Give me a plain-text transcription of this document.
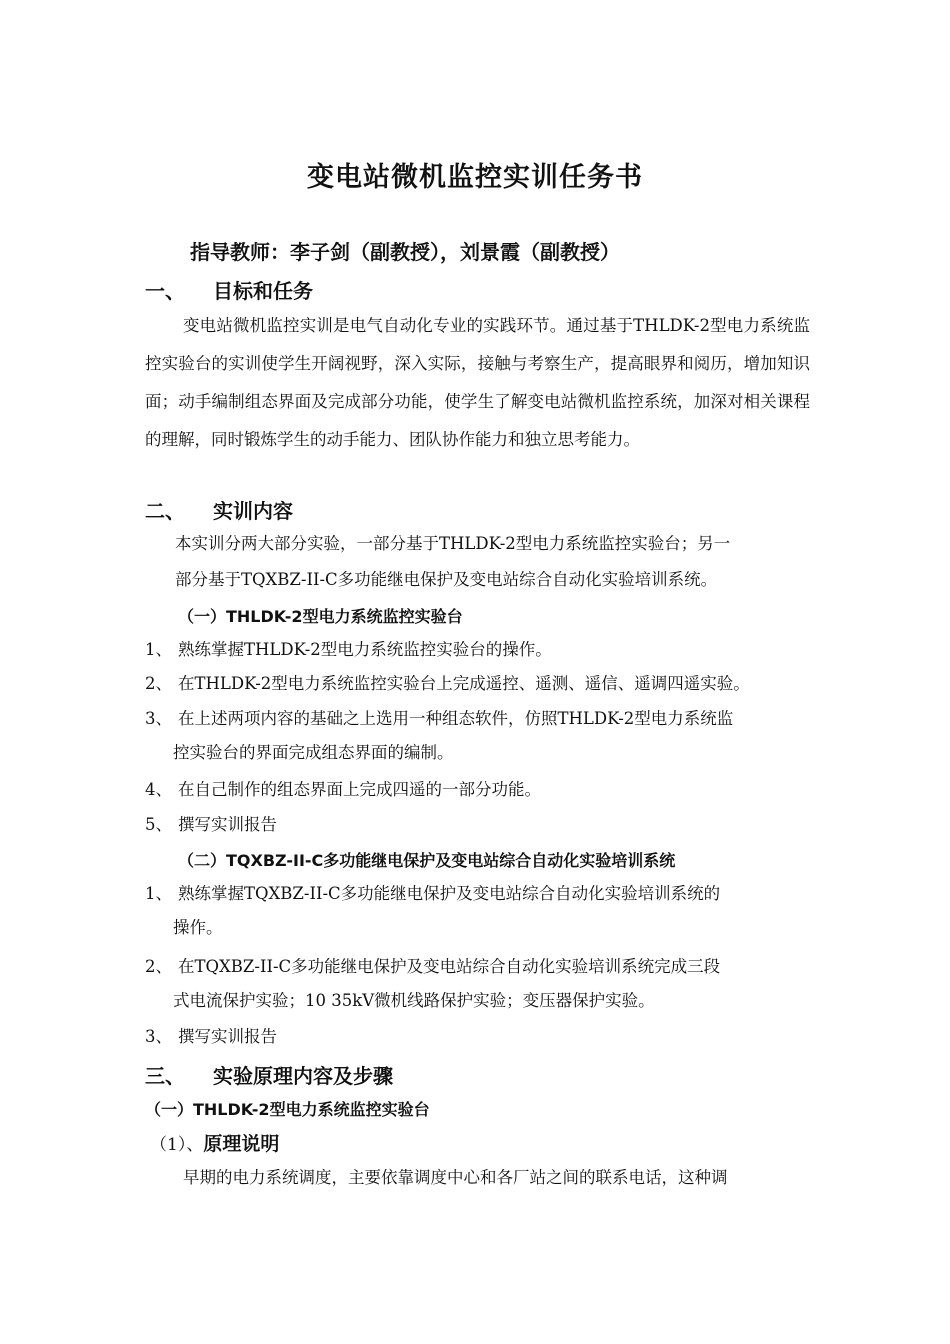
变电站微机监控实训任务书
指导教师：李子剑（副教授），刘景霞（副教授）
一、 目标和任务
变电站微机监控实训是电气自动化专业的实践环节。通过基于THLDK-2型电力系统监控实验台的实训使学生开阔视野，深入实际，接触与考察生产，提高眼界和阅历，增加知识面；动手编制组态界面及完成部分功能，使学生了解变电站微机监控系统，加深对相关课程的理解，同时锻炼学生的动手能力、团队协作能力和独立思考能力。
二、 实训内容
本实训分两大部分实验，一部分基于THLDK-2型电力系统监控实验台；另一
部分基于TQXBZ-II-C多功能继电保护及变电站综合自动化实验培训系统。
（一）THLDK-2型电力系统监控实验台
1、 熟练掌握THLDK-2型电力系统监控实验台的操作。
2、 在THLDK-2型电力系统监控实验台上完成遥控、遥测、遥信、遥调四遥实验。
3、 在上述两项内容的基础之上选用一种组态软件，仿照THLDK-2型电力系统监
控实验台的界面完成组态界面的编制。
4、 在自己制作的组态界面上完成四遥的一部分功能。
5、 撰写实训报告
（二）TQXBZ-II-C多功能继电保护及变电站综合自动化实验培训系统
1、 熟练掌握TQXBZ-II-C多功能继电保护及变电站综合自动化实验培训系统的
操作。
2、 在TQXBZ-II-C多功能继电保护及变电站综合自动化实验培训系统完成三段
式电流保护实验；10 35kV微机线路保护实验；变压器保护实验。
3、 撰写实训报告
三、 实验原理内容及步骤
（一）THLDK-2型电力系统监控实验台
（1）、原理说明
早期的电力系统调度，主要依靠调度中心和各厂站之间的联系电话，这种调
